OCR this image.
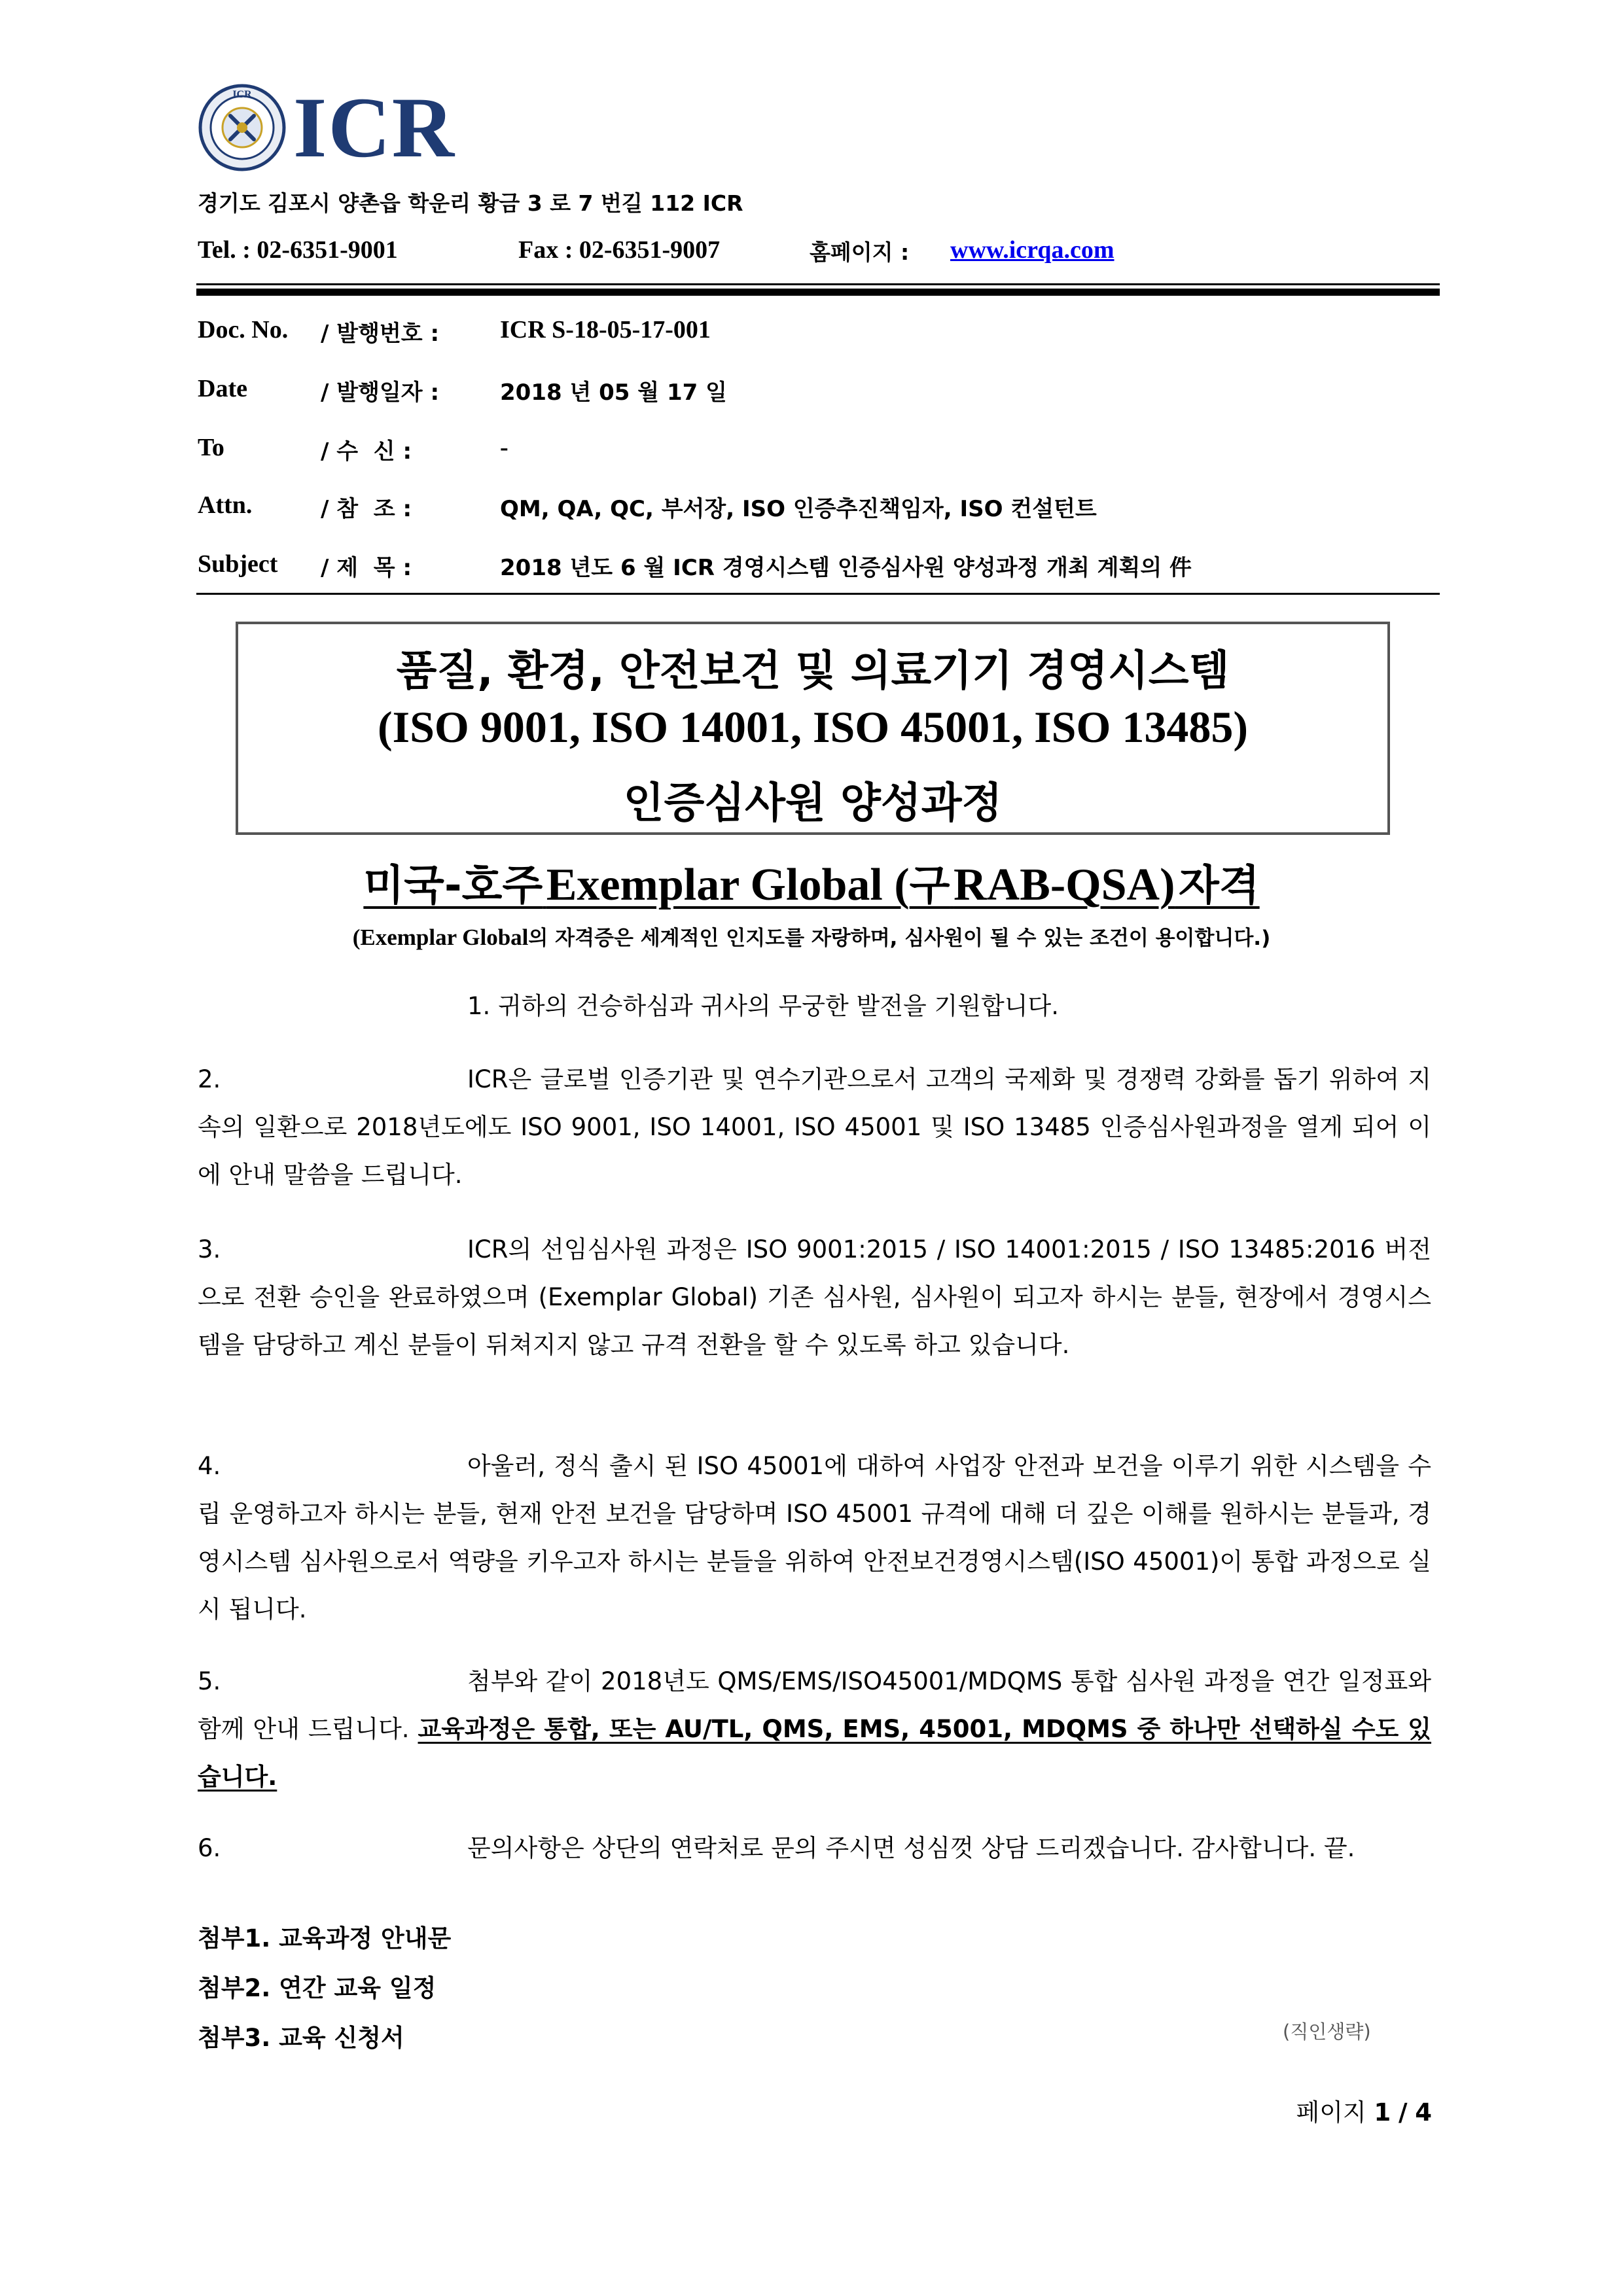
ICR ICR
경기도 김포시 양촌읍 학운리 황금 3 로 7 번길 112 ICR
Tel. : 02-6351-9001	Fax : 02-6351-9007	홈페이지 : www.icrqa.com
Doc. No. / 발행번호 : ICR S-18-05-17-001
Date	/ 발행일자 :	2018 년 05 월 17 일
To	/ 수  신 :	-
Attn.	/ 참  조 :	QM, QA, QC, 부서장, ISO 인증추진책임자, ISO 컨설턴트
Subject / 제  목 :	2018 년도 6 월 ICR 경영시스템 인증심사원 양성과정 개최 계획의 件
품질, 환경, 안전보건 및 의료기기 경영시스템
(ISO 9001, ISO 14001, ISO 45001, ISO 13485)
인증심사원 양성과정
미국-호주 Exemplar Global (구 RAB-QSA) 자격
(Exemplar Global의 자격증은 세계적인 인지도를 자랑하며, 심사원이 될 수 있는 조건이 용이합니다.)
1. 귀하의 건승하심과 귀사의 무궁한 발전을 기원합니다.
2.	ICR은 글로벌 인증기관 및 연수기관으로서 고객의 국제화 및 경쟁력 강화를 돕기 위하여 지속의 일환으로 2018년도에도 ISO 9001, ISO 14001, ISO 45001 및 ISO 13485 인증심사원과정을 열게 되어 이에 안내 말씀을 드립니다.
3.	ICR의 선임심사원 과정은 ISO 9001:2015 / ISO 14001:2015 / ISO 13485:2016 버전으로 전환 승인을 완료하였으며 (Exemplar Global) 기존 심사원, 심사원이 되고자 하시는 분들, 현장에서 경영시스템을 담당하고 계신 분들이 뒤쳐지지 않고 규격 전환을 할 수 있도록 하고 있습니다.
4.	아울러, 정식 출시 된 ISO 45001에 대하여 사업장 안전과 보건을 이루기 위한 시스템을 수립 운영하고자 하시는 분들, 현재 안전 보건을 담당하며 ISO 45001 규격에 대해 더 깊은 이해를 원하시는 분들과, 경영시스템 심사원으로서 역량을 키우고자 하시는 분들을 위하여 안전보건경영시스템(ISO 45001)이 통합 과정으로 실시 됩니다.
5.	첨부와 같이 2018년도 QMS/EMS/ISO45001/MDQMS 통합 심사원 과정을 연간 일정표와 함께 안내 드립니다. 교육과정은 통합, 또는 AU/TL, QMS, EMS, 45001, MDQMS 중 하나만 선택하실 수도 있습니다.
6.	문의사항은 상단의 연락처로 문의 주시면 성심껏 상담 드리겠습니다. 감사합니다. 끝.
첨부1. 교육과정 안내문
첨부2. 연간 교육 일정
첨부3. 교육 신청서	(직인생략)
페이지 1 / 4
